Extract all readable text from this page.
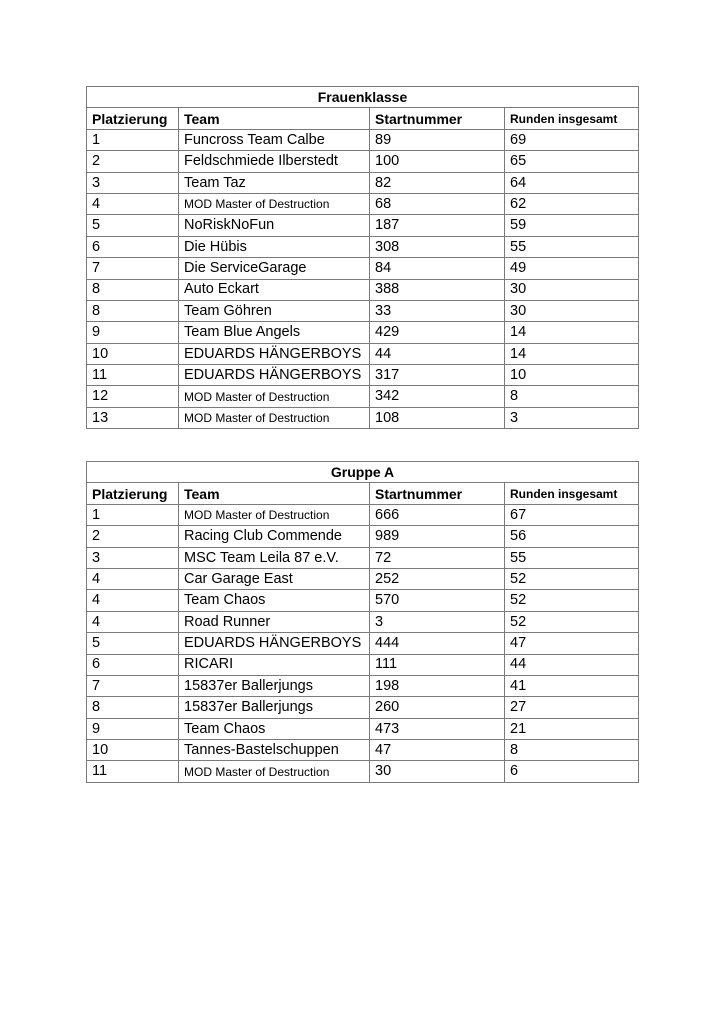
Frauenklasse			
Platzierung	Team	Startnummer	Runden insgesamt
1	Funcross Team Calbe	89	69
2	Feldschmiede Ilberstedt	100	65
3	Team Taz	82	64
4	MOD Master of Destruction	68	62
5	NoRiskNoFun	187	59
6	Die Hübis	308	55
7	Die ServiceGarage	84	49
8	Auto Eckart	388	30
8	Team Göhren	33	30
9	Team Blue Angels	429	14
10	EDUARDS HÄNGERBOYS	44	14
11	EDUARDS HÄNGERBOYS	317	10
12	MOD Master of Destruction	342	8
13	MOD Master of Destruction	108	3
Gruppe A			
Platzierung	Team	Startnummer	Runden insgesamt
1	MOD Master of Destruction	666	67
2	Racing Club Commende	989	56
3	MSC Team Leila 87 e.V.	72	55
4	Car Garage East	252	52
4	Team Chaos	570	52
4	Road Runner	3	52
5	EDUARDS HÄNGERBOYS	444	47
6	RICARI	111	44
7	15837er Ballerjungs	198	41
8	15837er Ballerjungs	260	27
9	Team Chaos	473	21
10	Tannes-Bastelschuppen	47	8
11	MOD Master of Destruction	30	6
